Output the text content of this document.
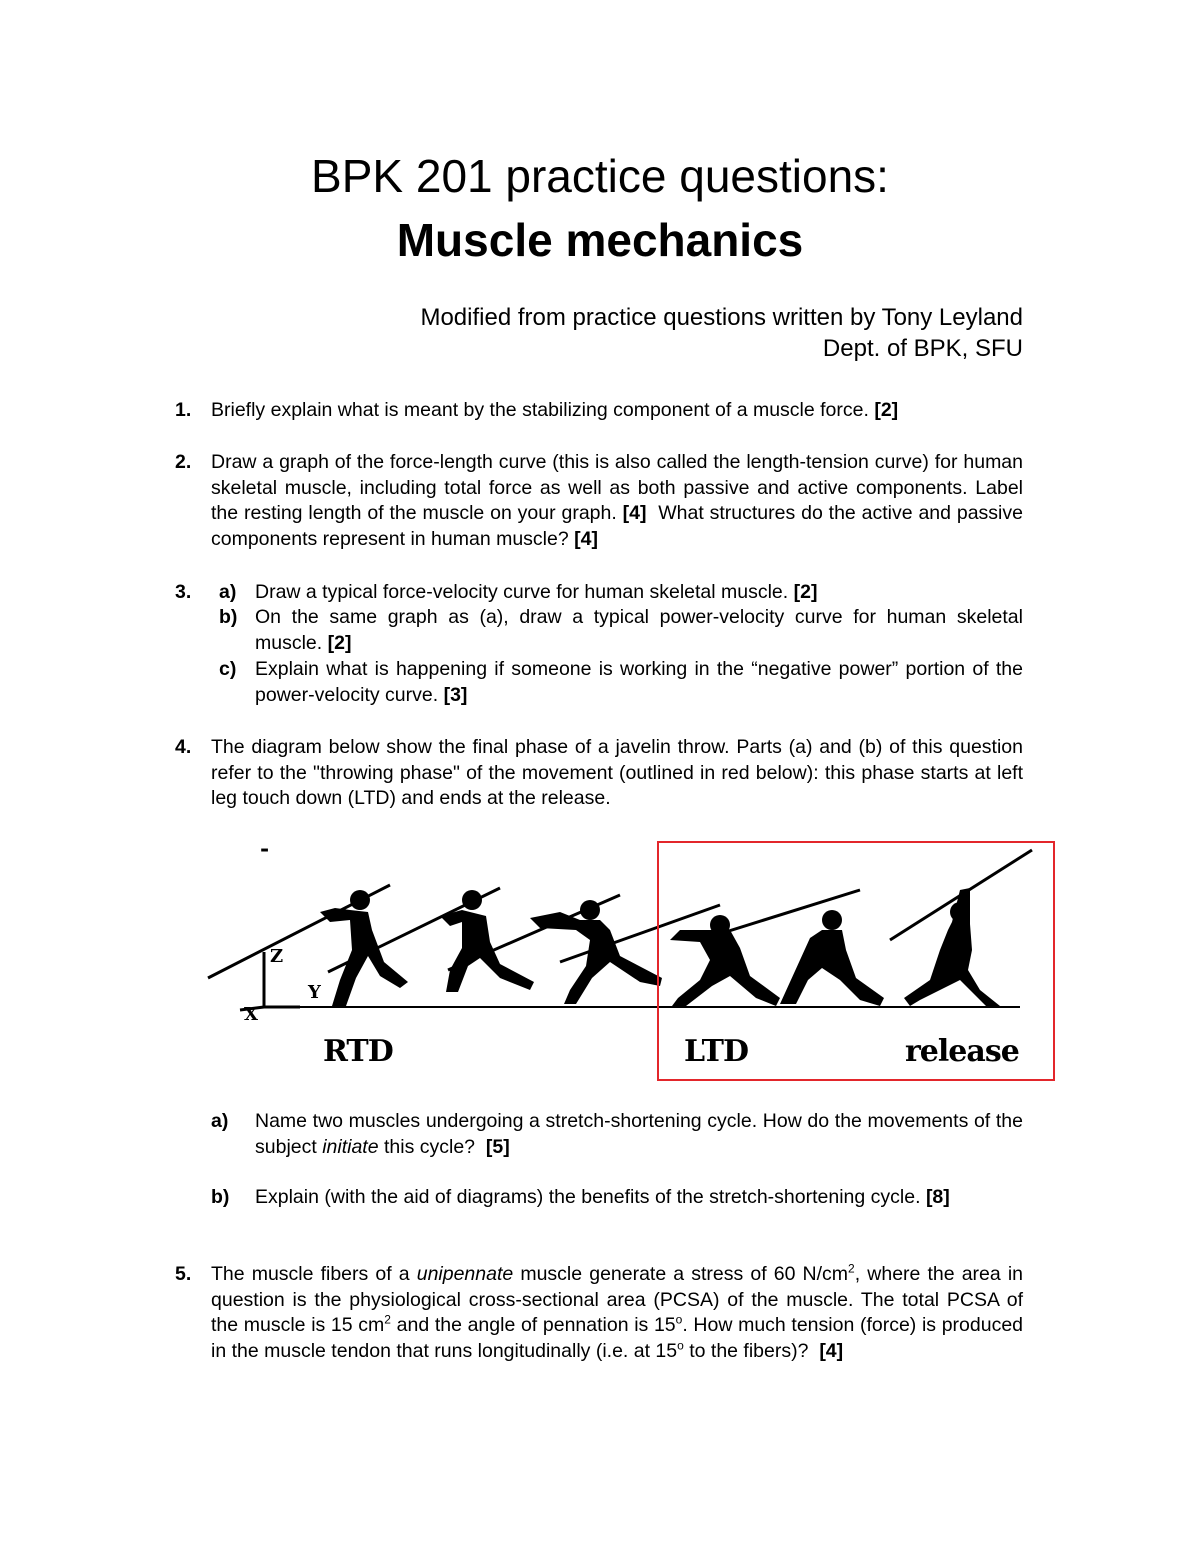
BPK 201 practice questions:
Muscle mechanics
Modified from practice questions written by Tony Leyland
Dept. of BPK, SFU
1. Briefly explain what is meant by the stabilizing component of a muscle force. [2]
2. Draw a graph of the force-length curve (this is also called the length-tension curve) for human skeletal muscle, including total force as well as both passive and active components. Label the resting length of the muscle on your graph. [4] What structures do the active and passive components represent in human muscle? [4]
3. a) Draw a typical force-velocity curve for human skeletal muscle. [2]
b) On the same graph as (a), draw a typical power-velocity curve for human skeletal muscle. [2]
c) Explain what is happening if someone is working in the “negative power” portion of the power-velocity curve. [3]
4. The diagram below show the final phase of a javelin throw. Parts (a) and (b) of this question refer to the "throwing phase" of the movement (outlined in red below): this phase starts at left leg touch down (LTD) and ends at the release.
-
Z
Y
X
RTD	LTD	release
a) Name two muscles undergoing a stretch-shortening cycle. How do the movements of the subject initiate this cycle? [5]
b) Explain (with the aid of diagrams) the benefits of the stretch-shortening cycle. [8]
5. The muscle fibers of a unipennate muscle generate a stress of 60 $N/cm^2$, where the area in question is the physiological cross-sectional area (PCSA) of the muscle. The total PCSA of the muscle is 15 $cm^2$ and the angle of pennation is 15$^o$. How much tension (force) is produced in the muscle tendon that runs longitudinally (i.e. at 15$^o$ to the fibers)? [4]
